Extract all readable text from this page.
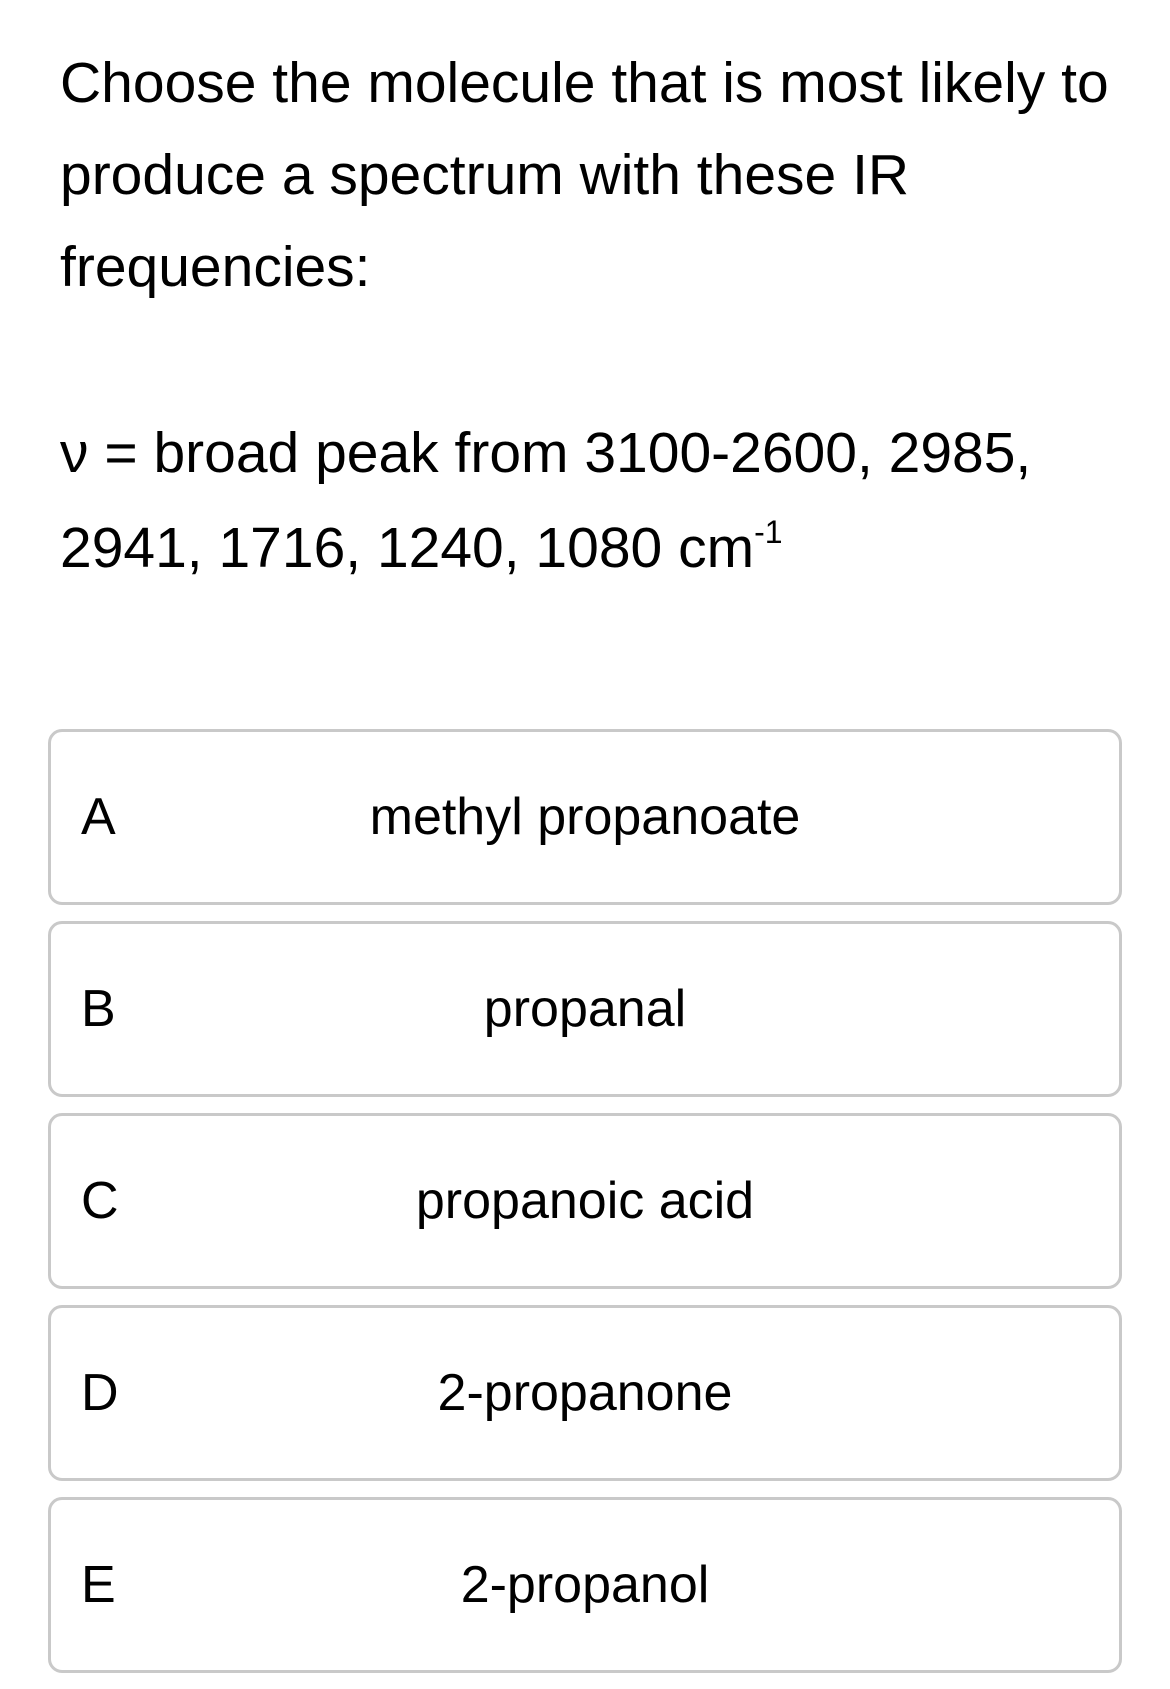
Choose the molecule that is most likely to produce a spectrum with these IR frequencies:

ν = broad peak from 3100-2600, 2985, 2941, 1716, 1240, 1080 $cm^{-1}$

A	methyl propanoate
B	propanal
C	propanoic acid
D	2-propanone
E	2-propanol
